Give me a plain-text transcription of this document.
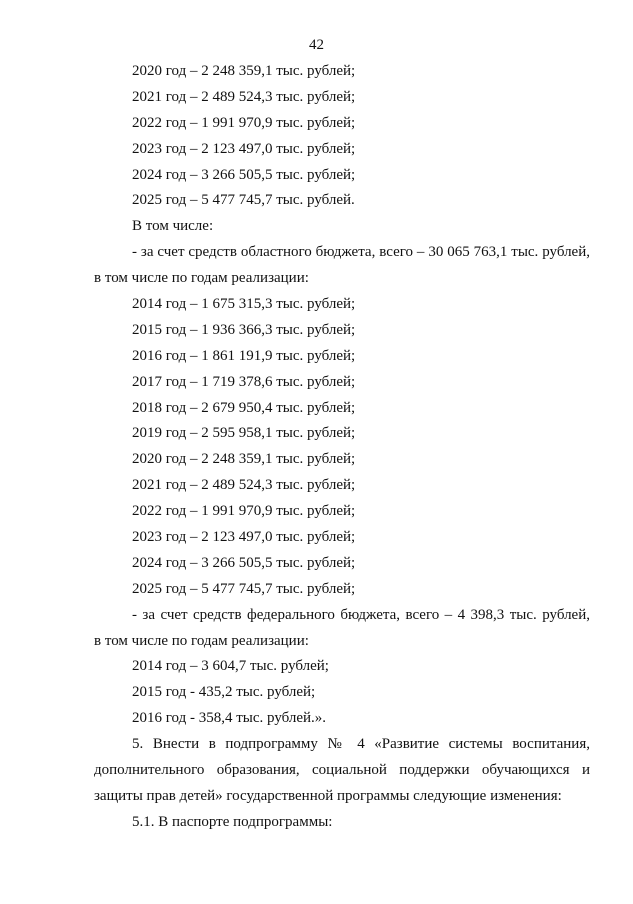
42
2020 год – 2 248 359,1 тыс. рублей;
2021 год – 2 489 524,3 тыс. рублей;
2022 год – 1 991 970,9 тыс. рублей;
2023 год – 2 123 497,0 тыс. рублей;
2024 год – 3 266 505,5 тыс. рублей;
2025 год – 5 477 745,7 тыс. рублей.
В том числе:
- за счет средств областного бюджета, всего – 30 065 763,1 тыс. рублей,
в том числе по годам реализации:
2014 год – 1 675 315,3 тыс. рублей;
2015 год – 1 936 366,3 тыс. рублей;
2016 год – 1 861 191,9 тыс. рублей;
2017 год – 1 719 378,6 тыс. рублей;
2018 год – 2 679 950,4 тыс. рублей;
2019 год – 2 595 958,1 тыс. рублей;
2020 год – 2 248 359,1 тыс. рублей;
2021 год – 2 489 524,3 тыс. рублей;
2022 год – 1 991 970,9 тыс. рублей;
2023 год – 2 123 497,0 тыс. рублей;
2024 год – 3 266 505,5 тыс. рублей;
2025 год – 5 477 745,7 тыс. рублей;
- за счет средств федерального бюджета, всего – 4 398,3 тыс. рублей,
в том числе по годам реализации:
2014 год – 3 604,7 тыс. рублей;
2015 год - 435,2 тыс. рублей;
2016 год - 358,4 тыс. рублей.».
5. Внести в подпрограмму № 4 «Развитие системы воспитания,
дополнительного образования, социальной поддержки обучающихся и
защиты прав детей» государственной программы следующие изменения:
5.1. В паспорте подпрограммы:
